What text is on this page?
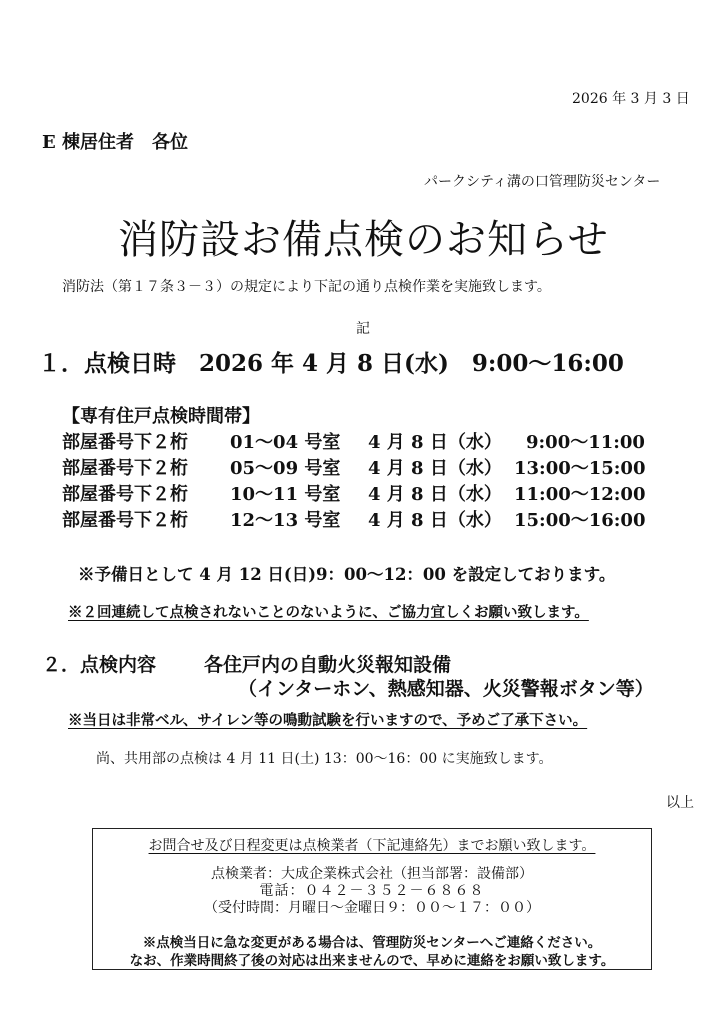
2026 年 3 月 3 日
E 棟居住者　各位
パークシティ溝の口管理防災センター
消防設お備点検のお知らせ
消防法（第１７条３－３）の規定により下記の通り点検作業を実施致します。
記
１．点検日時　2026 年 4 月 8 日(水)　9:00～16:00
【専有住戸点検時間帯】
部屋番号下２桁 01～04 号室 4 月 8 日（水） 9:00～11:00
部屋番号下２桁 05～09 号室 4 月 8 日（水） 13:00～15:00
部屋番号下２桁 10～11 号室 4 月 8 日（水） 11:00～12:00
部屋番号下２桁 12～13 号室 4 月 8 日（水） 15:00～16:00
※予備日として 4 月 12 日(日)9：00～12：00 を設定しております。
※２回連続して点検されないことのないように、ご協力宜しくお願い致します。
２．点検内容	各住戸内の自動火災報知設備
（インターホン、熱感知器、火災警報ボタン等）
※当日は非常ベル、サイレン等の鳴動試験を行いますので、予めご了承下さい。
尚、共用部の点検は 4 月 11 日(土) 13：00～16：00 に実施致します。
以上
お問合せ及び日程変更は点検業者（下記連絡先）までお願い致します。
点検業者：大成企業株式会社（担当部署：設備部）
電話：０４２－３５２－６８６８
（受付時間：月曜日～金曜日９：００～１７：００）
※点検当日に急な変更がある場合は、管理防災センターへご連絡ください。
なお、作業時間終了後の対応は出来ませんので、早めに連絡をお願い致します。
